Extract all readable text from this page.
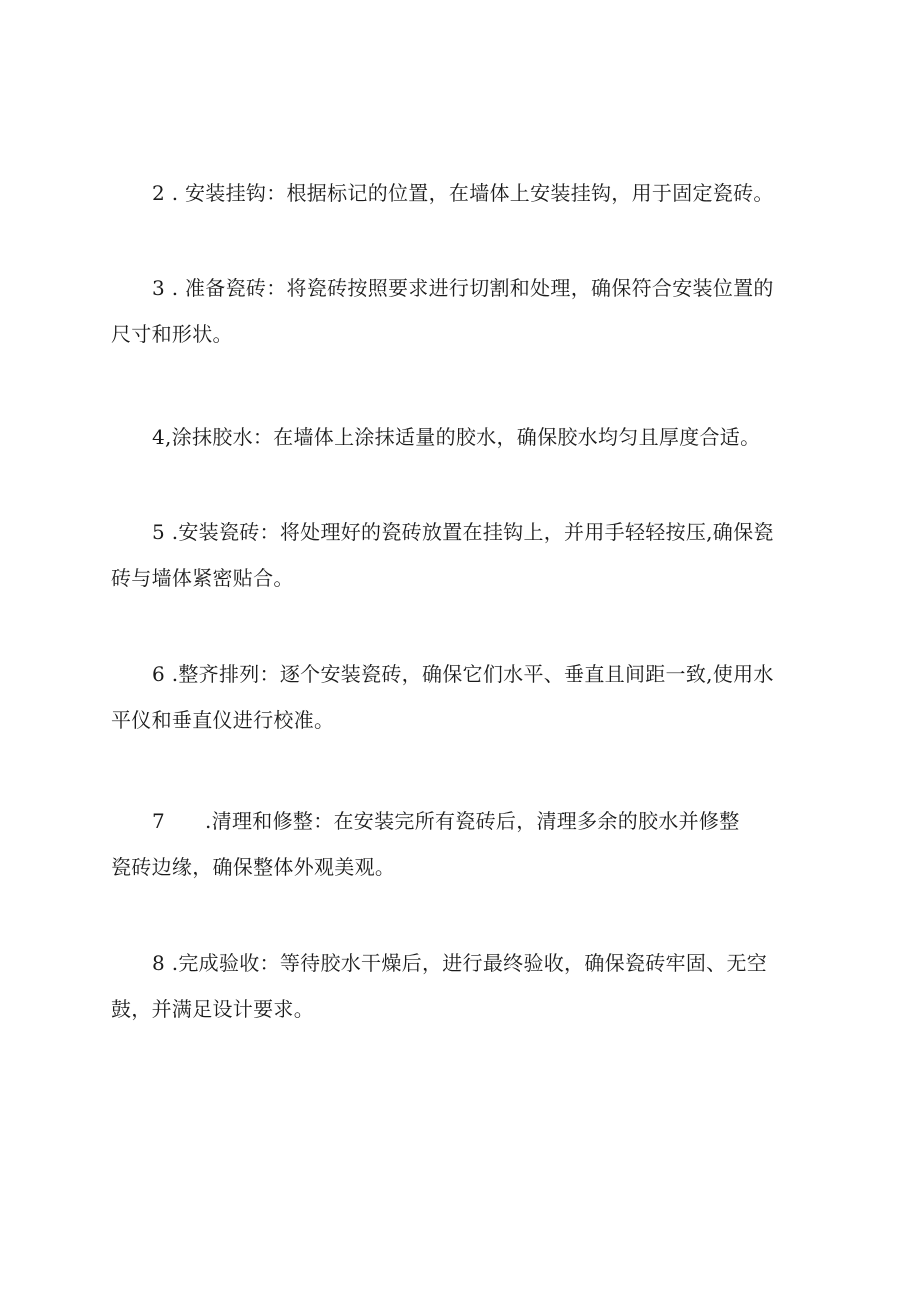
2 . 安装挂钩：根据标记的位置，在墙体上安装挂钩，用于固定瓷砖。

3 . 准备瓷砖：将瓷砖按照要求进行切割和处理，确保符合安装位置的
尺寸和形状。

4,涂抹胶水：在墙体上涂抹适量的胶水，确保胶水均匀且厚度合适。

5 .安装瓷砖：将处理好的瓷砖放置在挂钩上，并用手轻轻按压,确保瓷
砖与墙体紧密贴合。

6 .整齐排列：逐个安装瓷砖，确保它们水平、垂直且间距一致,使用水
平仪和垂直仪进行校准。

7 .清理和修整：在安装完所有瓷砖后，清理多余的胶水并修整
瓷砖边缘，确保整体外观美观。

8 .完成验收：等待胶水干燥后，进行最终验收，确保瓷砖牢固、无空
鼓，并满足设计要求。
